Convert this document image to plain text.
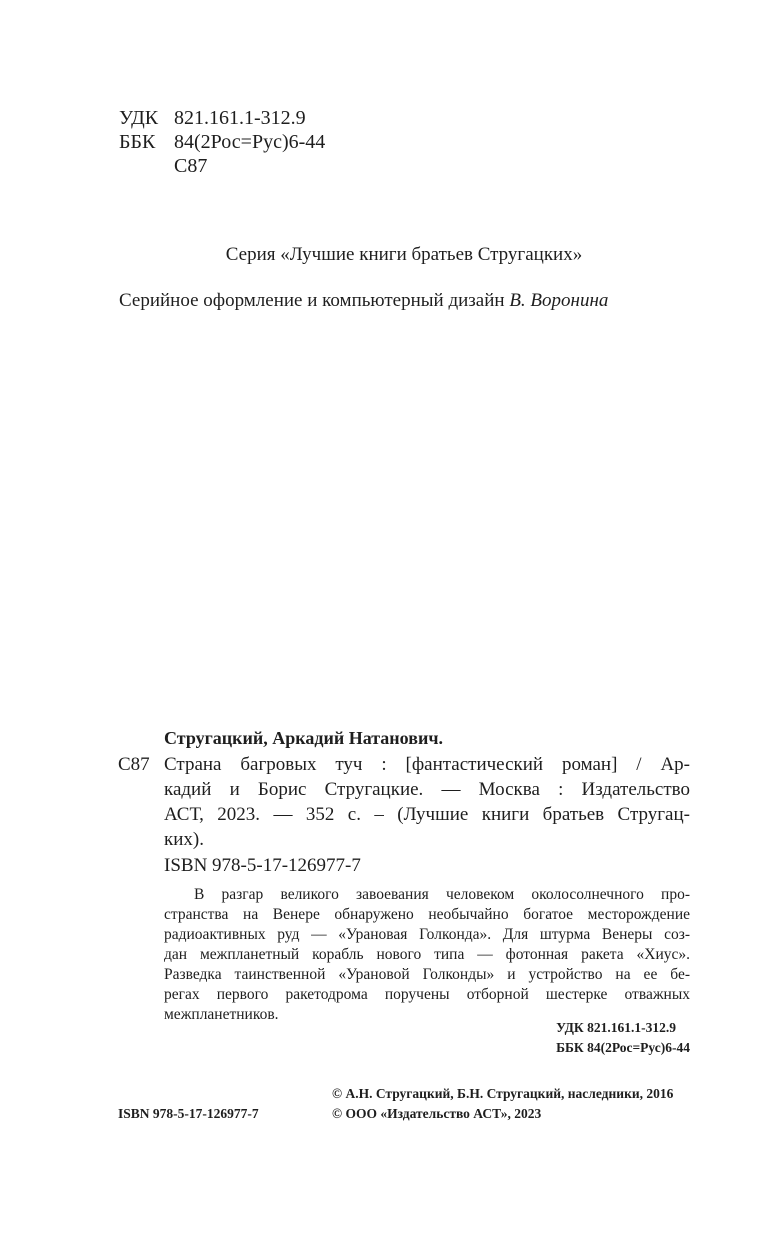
УДК 821.161.1-312.9
ББК 84(2Рос=Рус)6-44
С87
Серия «Лучшие книги братьев Стругацких»
Серийное оформление и компьютерный дизайн В. Воронина
Стругацкий, Аркадий Натанович.
С87 Страна багровых туч : [фантастический роман] / Ар-
кадий и Борис Стругацкие. — Москва : Издательство
АСТ, 2023. — 352 с. – (Лучшие книги братьев Стругац-
ких).
ISBN 978-5-17-126977-7
В разгар великого завоевания человеком околосолнечного про-
странства на Венере обнаружено необычайно богатое месторождение
радиоактивных руд — «Урановая Голконда». Для штурма Венеры соз-
дан межпланетный корабль нового типа — фотонная ракета «Хиус».
Разведка таинственной «Урановой Голконды» и устройство на ее бе-
регах первого ракетодрома поручены отборной шестерке отважных
межпланетников.
УДК 821.161.1-312.9
ББК 84(2Рос=Рус)6-44
ISBN 978-5-17-126977-7
© А.Н. Стругацкий, Б.Н. Стругацкий, наследники, 2016
© ООО «Издательство АСТ», 2023
